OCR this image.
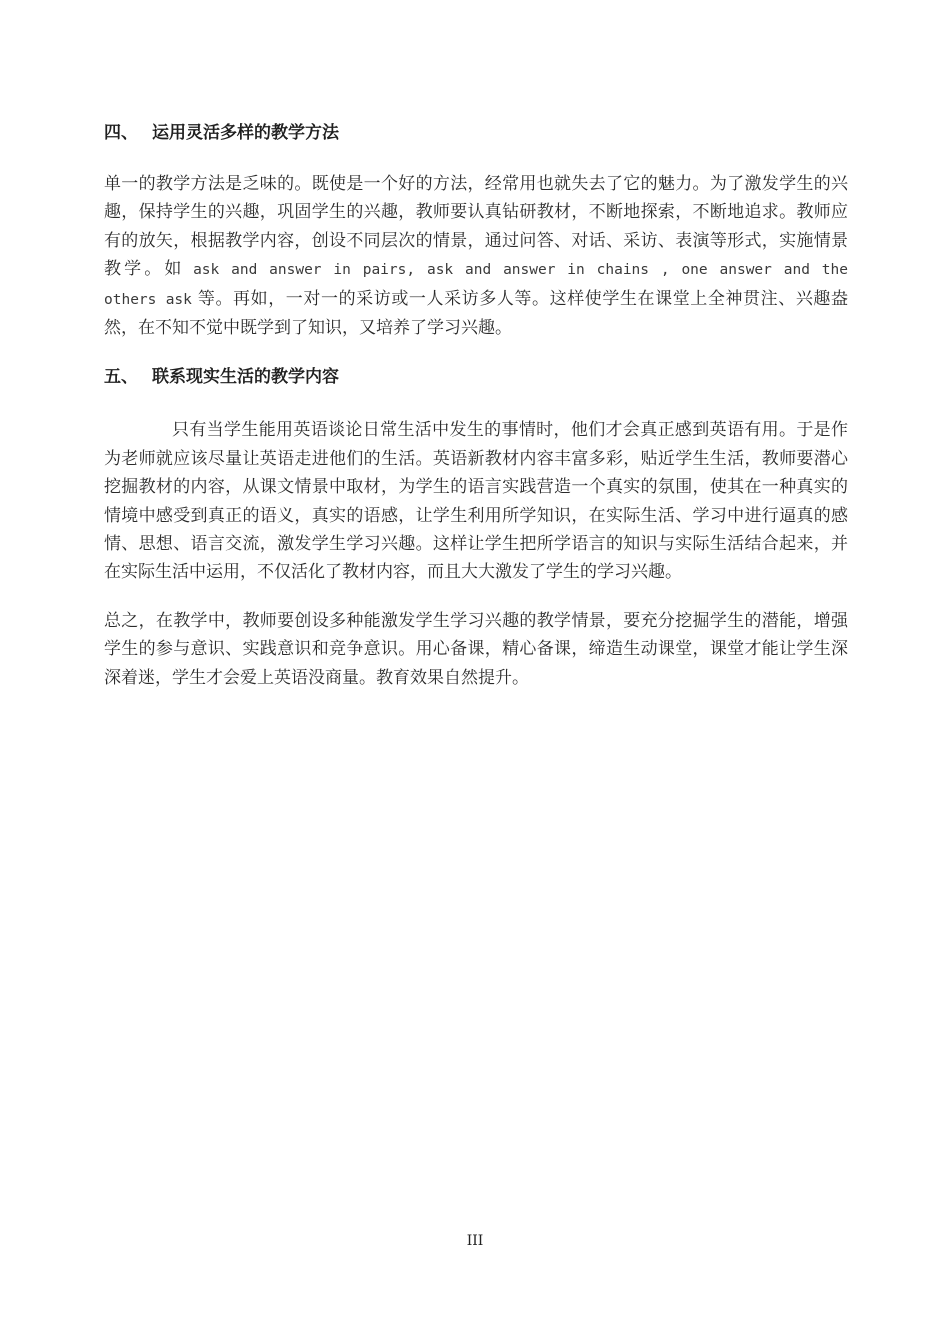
四、 运用灵活多样的教学方法

单一的教学方法是乏味的。既使是一个好的方法，经常用也就失去了它的魅力。为了激发学生的兴趣，保持学生的兴趣，巩固学生的兴趣，教师要认真钻研教材，不断地探索，不断地追求。教师应有的放矢，根据教学内容，创设不同层次的情景，通过问答、对话、采访、表演等形式，实施情景教学。如 ask and answer in pairs, ask and answer in chains , one answer and the others ask 等。再如，一对一的采访或一人采访多人等。这样使学生在课堂上全神贯注、兴趣盎然，在不知不觉中既学到了知识，又培养了学习兴趣。

五、 联系现实生活的教学内容

只有当学生能用英语谈论日常生活中发生的事情时，他们才会真正感到英语有用。于是作为老师就应该尽量让英语走进他们的生活。英语新教材内容丰富多彩，贴近学生生活，教师要潜心挖掘教材的内容，从课文情景中取材，为学生的语言实践营造一个真实的氛围，使其在一种真实的情境中感受到真正的语义，真实的语感，让学生利用所学知识，在实际生活、学习中进行逼真的感情、思想、语言交流，激发学生学习兴趣。这样让学生把所学语言的知识与实际生活结合起来，并在实际生活中运用，不仅活化了教材内容，而且大大激发了学生的学习兴趣。

总之，在教学中，教师要创设多种能激发学生学习兴趣的教学情景，要充分挖掘学生的潜能，增强学生的参与意识、实践意识和竞争意识。用心备课，精心备课，缔造生动课堂，课堂才能让学生深深着迷，学生才会爱上英语没商量。教育效果自然提升。

III
